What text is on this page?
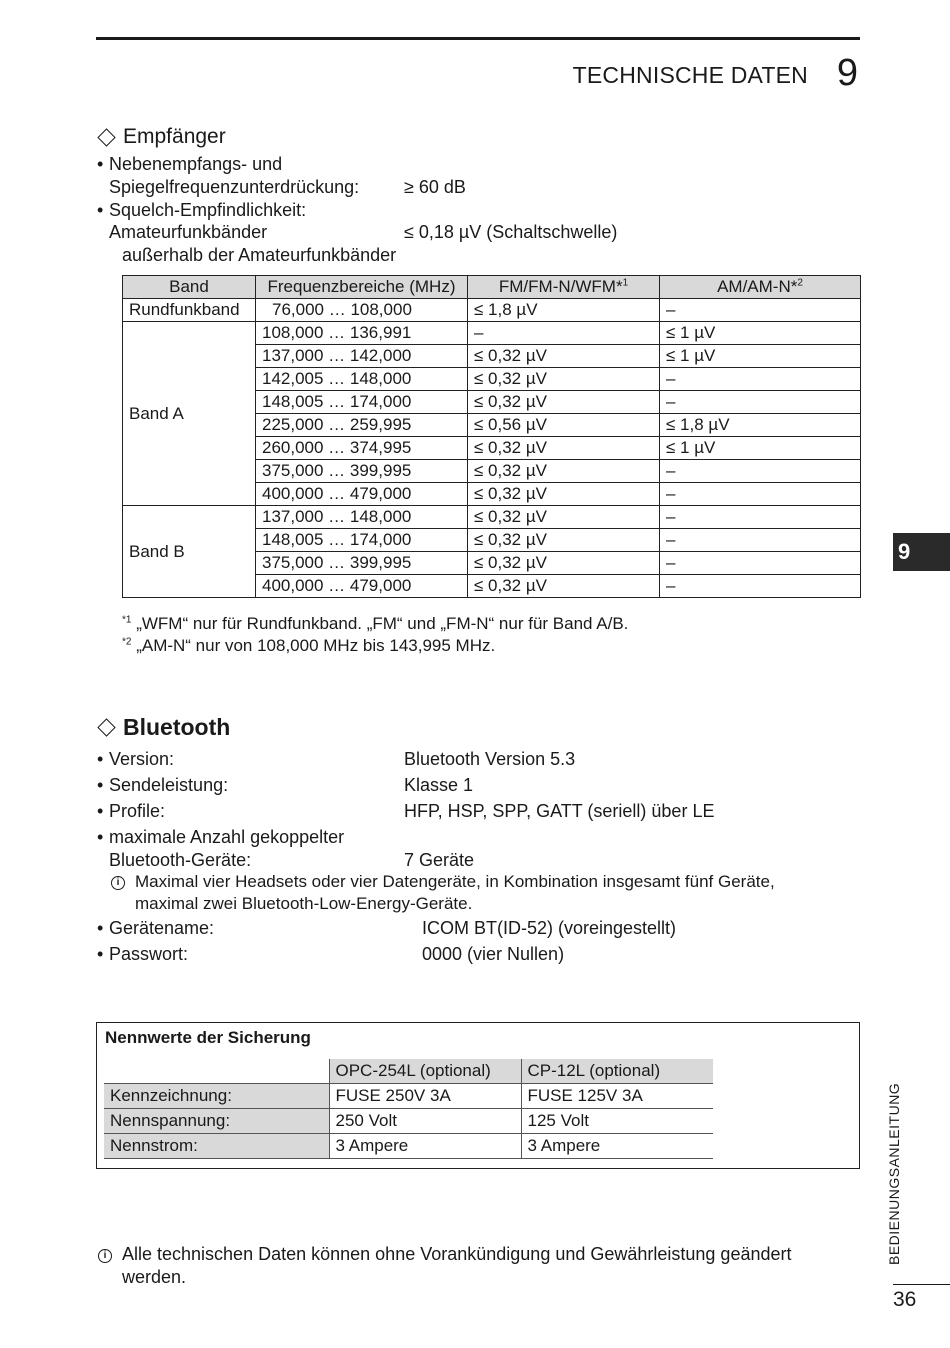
TECHNISCHE DATEN 9
9
BEDIENUNGSANLEITUNG
36
Empfänger
• Nebenempfangs- und
Spiegelfrequenzunterdrückung: ≥ 60 dB
• Squelch-Empfindlichkeit:
Amateurfunkbänder	≤ 0,18 µV (Schaltschwelle)
außerhalb der Amateurfunkbänder
Band	Frequenzbereiche (MHz)	FM/FM-N/WFM*$^1$	AM/AM-N*$^2$
Rundfunkband	76,000 … 108,000	≤ 1,8 µV	–
Band A	108,000 … 136,991	–	≤ 1 µV
	137,000 … 142,000	≤ 0,32 µV	≤ 1 µV
	142,005 … 148,000	≤ 0,32 µV	–
	148,005 … 174,000	≤ 0,32 µV	–
	225,000 … 259,995	≤ 0,56 µV	≤ 1,8 µV
	260,000 … 374,995	≤ 0,32 µV	≤ 1 µV
	375,000 … 399,995	≤ 0,32 µV	–
	400,000 … 479,000	≤ 0,32 µV	–
Band B	137,000 … 148,000	≤ 0,32 µV	–
	148,005 … 174,000	≤ 0,32 µV	–
	375,000 … 399,995	≤ 0,32 µV	–
	400,000 … 479,000	≤ 0,32 µV	–
$^{*1}$ „WFM“ nur für Rundfunkband. „FM“ und „FM-N“ nur für Band A/B.
$^{*2}$ „AM-N“ nur von 108,000 MHz bis 143,995 MHz.
Bluetooth
• Version:	Bluetooth Version 5.3
• Sendeleistung:	Klasse 1
• Profile:	HFP, HSP, SPP, GATT (seriell) über LE
• maximale Anzahl gekoppelter
Bluetooth-Geräte:	7 Geräte
i Maximal vier Headsets oder vier Datengeräte, in Kombination insgesamt fünf Geräte,
maximal zwei Bluetooth-Low-Energy-Geräte.
• Gerätename:	ICOM BT(ID-52) (voreingestellt)
• Passwort:	0000 (vier Nullen)
Nennwerte der Sicherung
	OPC-254L (optional)	CP-12L (optional)
Kennzeichnung:	FUSE 250V 3A	FUSE 125V 3A
Nennspannung:	250 Volt	125 Volt
Nennstrom:	3 Ampere	3 Ampere
i Alle technischen Daten können ohne Vorankündigung und Gewährleistung geändert
werden.
